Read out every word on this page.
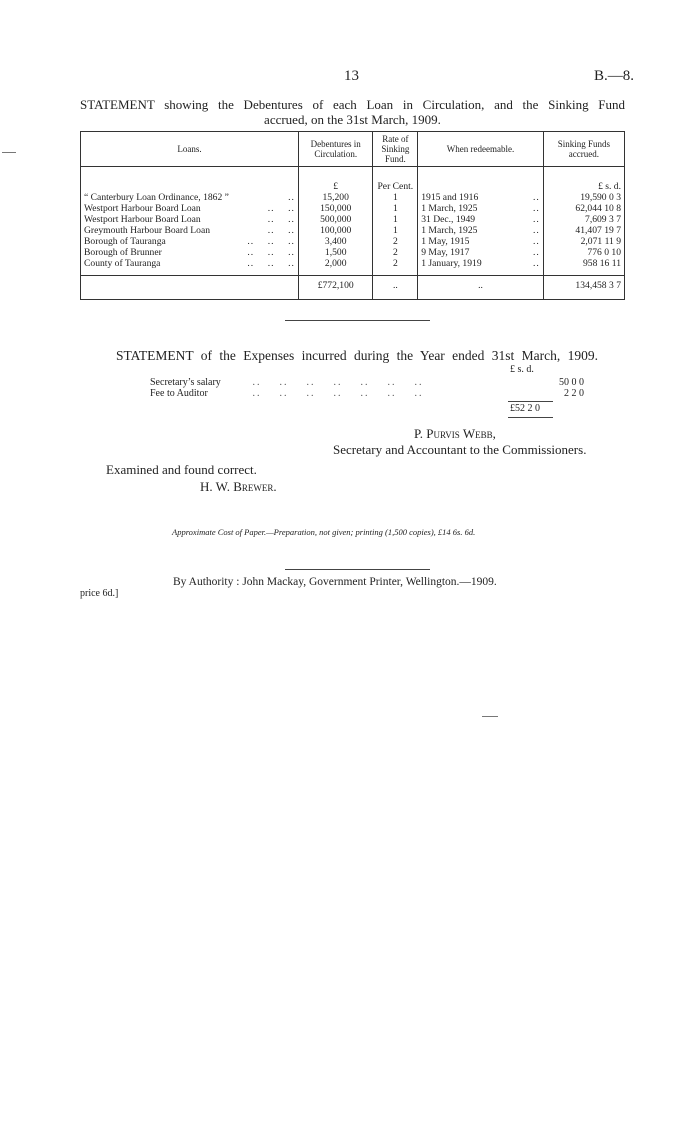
13	B.—8.
STATEMENT showing the Debentures of each Loan in Circulation, and the Sinking Fund
accrued, on the 31st March, 1909.
Loans.	Debentures in Circulation.	Rate of Sinking Fund.	When redeemable.	Sinking Funds accrued.
	£	Per Cent.		£ s. d.
“ Canterbury Loan Ordinance, 1862 ” ..	15,200	1	1915 and 1916 ..	19,590 0 3
Westport Harbour Board Loan ..    ..	150,000	1	1 March, 1925 ..	62,044 10 8
Westport Harbour Board Loan ..    ..	500,000	1	31 Dec., 1949 ..	7,609 3 7
Greymouth Harbour Board Loan ..    ..	100,000	1	1 March, 1925 ..	41,407 19 7
Borough of Tauranga ..    ..    ..	3,400	2	1 May, 1915 ..	2,071 11 9
Borough of Brunner ..    ..    ..	1,500	2	9 May, 1917 ..	776 0 10
County of Tauranga ..    ..    ..	2,000	2	1 January, 1919 ..	958 16 11
	£772,100	..	..	134,458 3 7
STATEMENT of the Expenses incurred during the Year ended 31st March, 1909.
£ s. d.
Secretary’s salary	..    ..    ..    ..    ..    ..    ..	50 0 0
Fee to Auditor	..    ..    ..    ..    ..    ..    ..	2 2 0
£52 2 0
P. Purvis Webb,
Secretary and Accountant to the Commissioners.
Examined and found correct.
H. W. Brewer.
Approximate Cost of Paper.—Preparation, not given; printing (1,500 copies), £14 6s. 6d.
By Authority : John Mackay, Government Printer, Wellington.—1909.
price 6d.]
